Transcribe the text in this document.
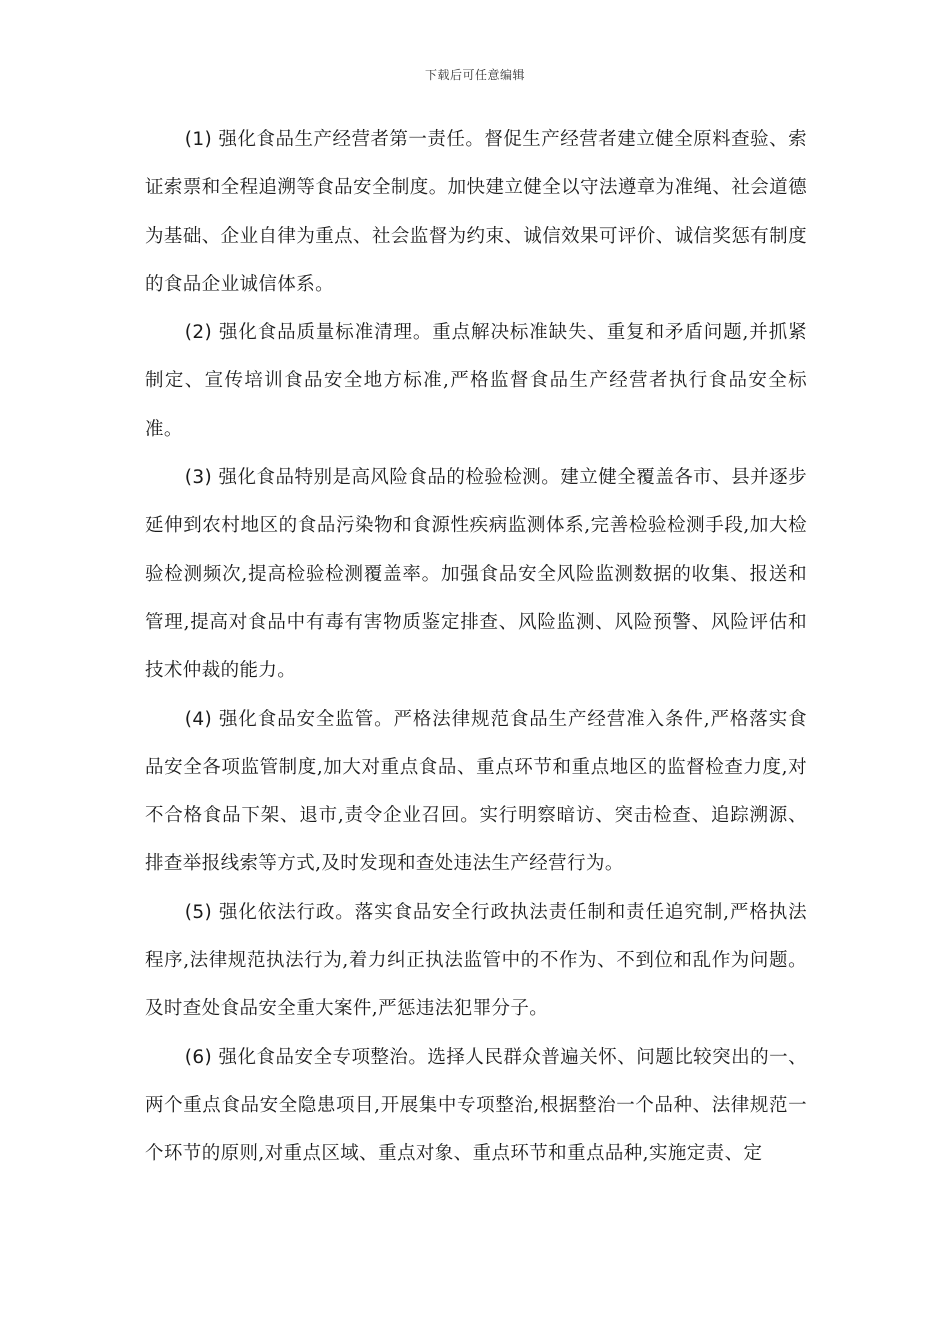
下载后可任意编辑

(1) 强化食品生产经营者第一责任。督促生产经营者建立健全原料查验、索证索票和全程追溯等食品安全制度。加快建立健全以守法遵章为准绳、社会道德为基础、企业自律为重点、社会监督为约束、诚信效果可评价、诚信奖惩有制度的食品企业诚信体系。

(2) 强化食品质量标准清理。重点解决标准缺失、重复和矛盾问题,并抓紧制定、宣传培训食品安全地方标准,严格监督食品生产经营者执行食品安全标准。

(3) 强化食品特别是高风险食品的检验检测。建立健全覆盖各市、县并逐步延伸到农村地区的食品污染物和食源性疾病监测体系,完善检验检测手段,加大检验检测频次,提高检验检测覆盖率。加强食品安全风险监测数据的收集、报送和管理,提高对食品中有毒有害物质鉴定排查、风险监测、风险预警、风险评估和技术仲裁的能力。

(4) 强化食品安全监管。严格法律规范食品生产经营准入条件,严格落实食品安全各项监管制度,加大对重点食品、重点环节和重点地区的监督检查力度,对不合格食品下架、退市,责令企业召回。实行明察暗访、突击检查、追踪溯源、排查举报线索等方式,及时发现和查处违法生产经营行为。

(5) 强化依法行政。落实食品安全行政执法责任制和责任追究制,严格执法程序,法律规范执法行为,着力纠正执法监管中的不作为、不到位和乱作为问题。及时查处食品安全重大案件,严惩违法犯罪分子。

(6) 强化食品安全专项整治。选择人民群众普遍关怀、问题比较突出的一、两个重点食品安全隐患项目,开展集中专项整治,根据整治一个品种、法律规范一个环节的原则,对重点区域、重点对象、重点环节和重点品种,实施定责、定
